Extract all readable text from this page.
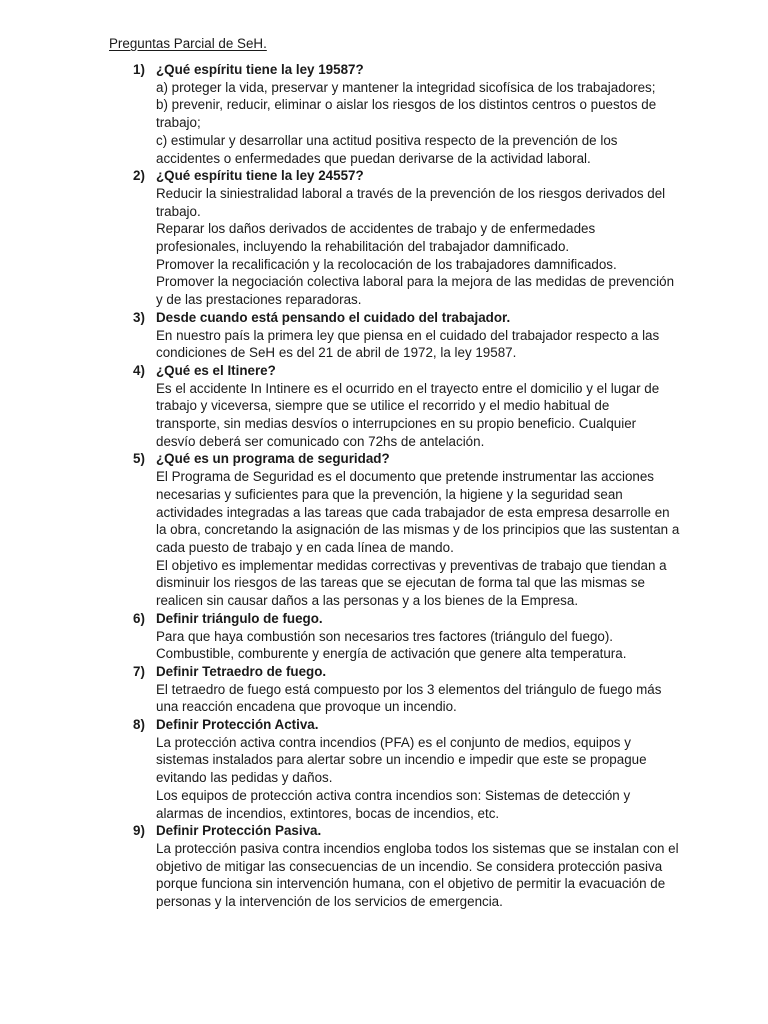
Preguntas Parcial de SeH.
1) ¿Qué espíritu tiene la ley 19587?
a) proteger la vida, preservar y mantener la integridad sicofísica de los trabajadores;
b) prevenir, reducir, eliminar o aislar los riesgos de los distintos centros o puestos de
trabajo;
c) estimular y desarrollar una actitud positiva respecto de la prevención de los
accidentes o enfermedades que puedan derivarse de la actividad laboral.
2) ¿Qué espíritu tiene la ley 24557?
Reducir la siniestralidad laboral a través de la prevención de los riesgos derivados del
trabajo.
Reparar los daños derivados de accidentes de trabajo y de enfermedades
profesionales, incluyendo la rehabilitación del trabajador damnificado.
Promover la recalificación y la recolocación de los trabajadores damnificados.
Promover la negociación colectiva laboral para la mejora de las medidas de prevención
y de las prestaciones reparadoras.
3) Desde cuando está pensando el cuidado del trabajador.
En nuestro país la primera ley que piensa en el cuidado del trabajador respecto a las
condiciones de SeH es del 21 de abril de 1972, la ley 19587.
4) ¿Qué es el Itinere?
Es el accidente In Intinere es el ocurrido en el trayecto entre el domicilio y el lugar de
trabajo y viceversa, siempre que se utilice el recorrido y el medio habitual de
transporte, sin medias desvíos o interrupciones en su propio beneficio. Cualquier
desvío deberá ser comunicado con 72hs de antelación.
5) ¿Qué es un programa de seguridad?
El Programa de Seguridad es el documento que pretende instrumentar las acciones
necesarias y suficientes para que la prevención, la higiene y la seguridad sean
actividades integradas a las tareas que cada trabajador de esta empresa desarrolle en
la obra, concretando la asignación de las mismas y de los principios que las sustentan a
cada puesto de trabajo y en cada línea de mando.
El objetivo es implementar medidas correctivas y preventivas de trabajo que tiendan a
disminuir los riesgos de las tareas que se ejecutan de forma tal que las mismas se
realicen sin causar daños a las personas y a los bienes de la Empresa.
6) Definir triángulo de fuego.
Para que haya combustión son necesarios tres factores (triángulo del fuego).
Combustible, comburente y energía de activación que genere alta temperatura.
7) Definir Tetraedro de fuego.
El tetraedro de fuego está compuesto por los 3 elementos del triángulo de fuego más
una reacción encadena que provoque un incendio.
8) Definir Protección Activa.
La protección activa contra incendios (PFA) es el conjunto de medios, equipos y
sistemas instalados para alertar sobre un incendio e impedir que este se propague
evitando las pedidas y daños.
Los equipos de protección activa contra incendios son: Sistemas de detección y
alarmas de incendios, extintores, bocas de incendios, etc.
9) Definir Protección Pasiva.
La protección pasiva contra incendios engloba todos los sistemas que se instalan con el
objetivo de mitigar las consecuencias de un incendio. Se considera protección pasiva
porque funciona sin intervención humana, con el objetivo de permitir la evacuación de
personas y la intervención de los servicios de emergencia.
